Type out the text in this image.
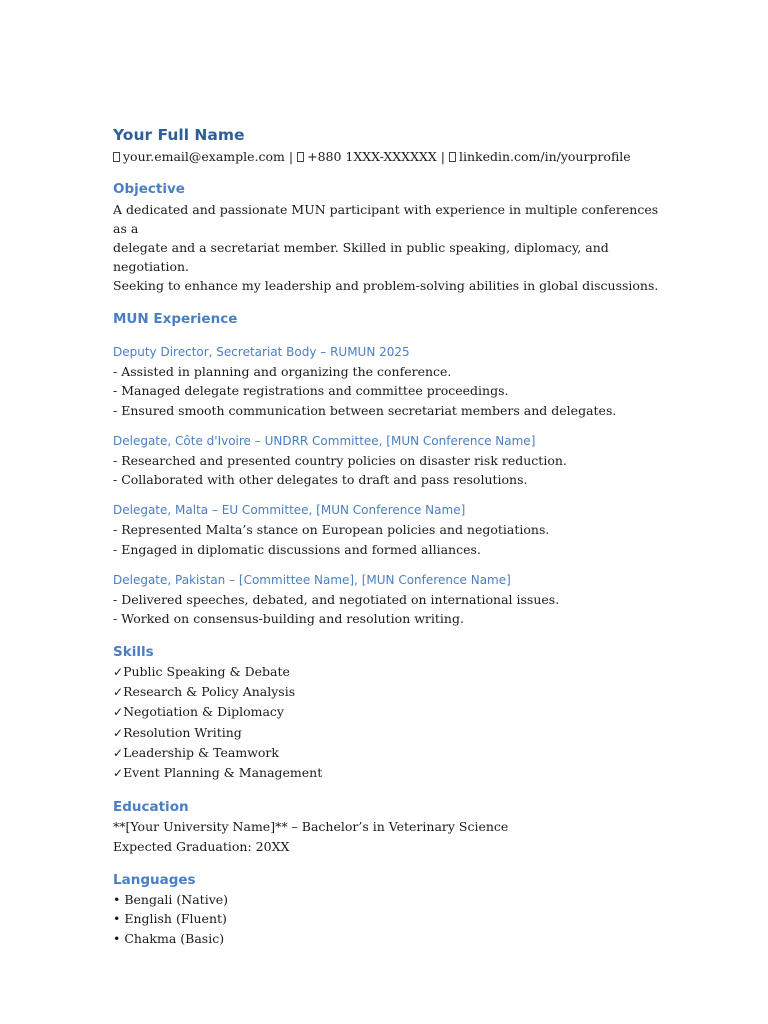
Your Full Name
your.email@example.com | +880 1XXX-XXXXXX | linkedin.com/in/yourprofile
Objective
A dedicated and passionate MUN participant with experience in multiple conferences as a
delegate and a secretariat member. Skilled in public speaking, diplomacy, and negotiation.
Seeking to enhance my leadership and problem-solving abilities in global discussions.
MUN Experience
Deputy Director, Secretariat Body – RUMUN 2025
- Assisted in planning and organizing the conference.
- Managed delegate registrations and committee proceedings.
- Ensured smooth communication between secretariat members and delegates.
Delegate, Côte d'Ivoire – UNDRR Committee, [MUN Conference Name]
- Researched and presented country policies on disaster risk reduction.
- Collaborated with other delegates to draft and pass resolutions.
Delegate, Malta – EU Committee, [MUN Conference Name]
- Represented Malta’s stance on European policies and negotiations.
- Engaged in diplomatic discussions and formed alliances.
Delegate, Pakistan – [Committee Name], [MUN Conference Name]
- Delivered speeches, debated, and negotiated on international issues.
- Worked on consensus-building and resolution writing.
Skills
✓Public Speaking & Debate
✓Research & Policy Analysis
✓Negotiation & Diplomacy
✓Resolution Writing
✓Leadership & Teamwork
✓Event Planning & Management
Education
**[Your University Name]** – Bachelor’s in Veterinary Science
Expected Graduation: 20XX
Languages
• Bengali (Native)
• English (Fluent)
• Chakma (Basic)
